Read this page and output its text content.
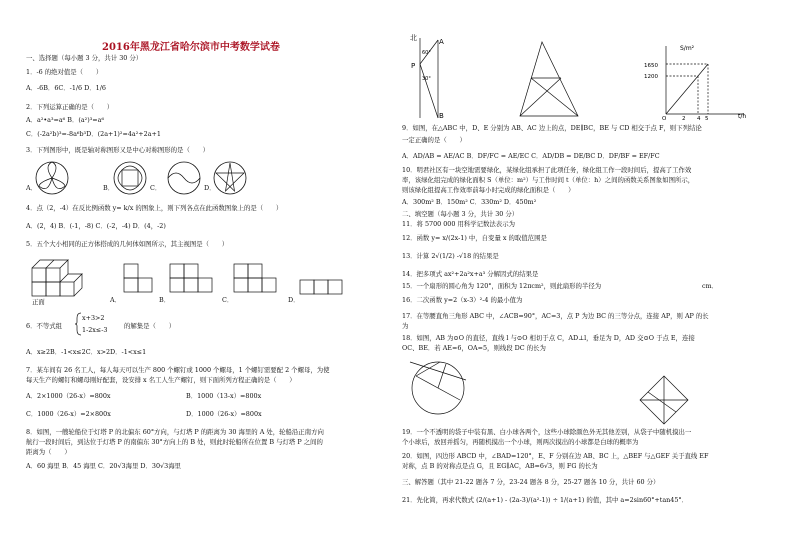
2016年黑龙江省哈尔滨市中考数学试卷
一、选择题（每小题 3 分，共计 30 分）
1．-6 的绝对值是（　　）
A．-6B．6C．-1/6 D．1/6
2．下列运算正确的是（　　）
A．a²•a³=a⁶ B．(a²)³=a⁶
C．(-2a²b)³=-8a⁶b³D．(2a+1)²=4a²+2a+1
3．下列图形中，既是轴对称图形又是中心对称图形的是（　　）
A．	B．	C．	D．
4．点（2，-4）在反比例函数 y= k/x 的图象上，则下列各点在此函数图象上的是（　　）
A．(2，4) B．(-1，-8) C．(-2，-4) D．(4，-2)
5．五个大小相同的正方体搭成的几何体如图所示，其主视图是（　　）
正面	A．	B．	C．	D．
6．不等式组
x+3>2
1-2x≤-3	的解集是（　　）
A．x≥2B．-1<x≤2C．x>2D．-1<x≤1
7．某车间有 26 名工人，每人每天可以生产 800 个螺钉或 1000 个螺母，1 个螺钉需要配 2 个螺母，为使
每天生产的螺钉和螺母刚好配套，设安排 x 名工人生产螺钉，则下面所列方程正确的是（　　）
A．2×1000（26-x）=800x	B．1000（13-x）=800x
C．1000（26-x）=2×800x	D．1000（26-x）=800x
8．如图，一艘轮船位于灯塔 P 的北偏东 60°方向，与灯塔 P 的距离为 30 海里的 A 处，轮船沿正南方向
航行一段时间后，到达位于灯塔 P 的南偏东 30°方向上的 B 处，则此时轮船所在位置 B 与灯塔 P 之间的
距离为（　　）
A．60 海里 B．45 海里 C．20√3海里 D．30√3海里
北	A
P
B
60°
30°
1650
1200
S/m²
t/h
O	2 4 5
9．如图，在△ABC 中，D、E 分别为 AB、AC 边上的点，DE∥BC，BE 与 CD 相交于点 F，则下列结论
一定正确的是（　　）
A．AD/AB = AE/AC B．DF/FC = AE/EC C．AD/DB = DE/BC D．DF/BF = EF/FC
10．明君社区有一块空地需要绿化，某绿化组承担了此项任务，绿化组工作一段时间后，提高了工作效
率，该绿化组完成的绿化面积 S（单位：m²）与工作时间 t（单位：h）之间的函数关系图象如图所示，
则该绿化组提高工作效率前每小时完成的绿化面积是（　　）
A．300m² B．150m² C．330m² D．450m²
二、填空题（每小题 3 分，共计 30 分）
11．将 5700 000 用科学记数法表示为
12．函数 y= x/(2x-1) 中，自变量 x 的取值范围是
13．计算 2√(1/2) -√18 的结果是
14．把多项式 ax²+2a²x+a³ 分解因式的结果是
15．一个扇形的圆心角为 120°，面积为 12πcm²，则此扇形的半径为	cm．
16．二次函数 y=2（x-3）²-4 的最小值为
17．在等腰直角三角形 ABC 中，∠ACB=90°，AC=3，点 P 为边 BC 的三等分点，连接 AP，则 AP 的长
为
18．如图，AB 为⊙O 的直径，直线 l 与⊙O 相切于点 C，AD⊥l，垂足为 D，AD 交⊙O 于点 E，连接
OC、BE．若 AE=6，OA=5，则线段 DC 的长为
19．一个不透明的袋子中装有黑、白小球各两个，这些小球除颜色外无其他差别，从袋子中随机摸出一
个小球后，放回并摇匀，再随机摸出一个小球，则两次摸出的小球都是白球的概率为
20．如图，四边形 ABCD 中，∠BAD=120°，E、F 分别在边 AB、BC 上，△BEF 与△GEF 关于直线 EF
对称，点 B 的对称点是点 G，且 EG∥AC，AB=6√3，则 FG 的长为
三、解答题（其中 21-22 题各 7 分，23-24 题各 8 分，25-27 题各 10 分，共计 60 分）
21．先化简，再求代数式 (2/(a+1) - (2a-3)/(a²-1)) ÷ 1/(a+1) 的值，其中 a=2sin60°+tan45°．
